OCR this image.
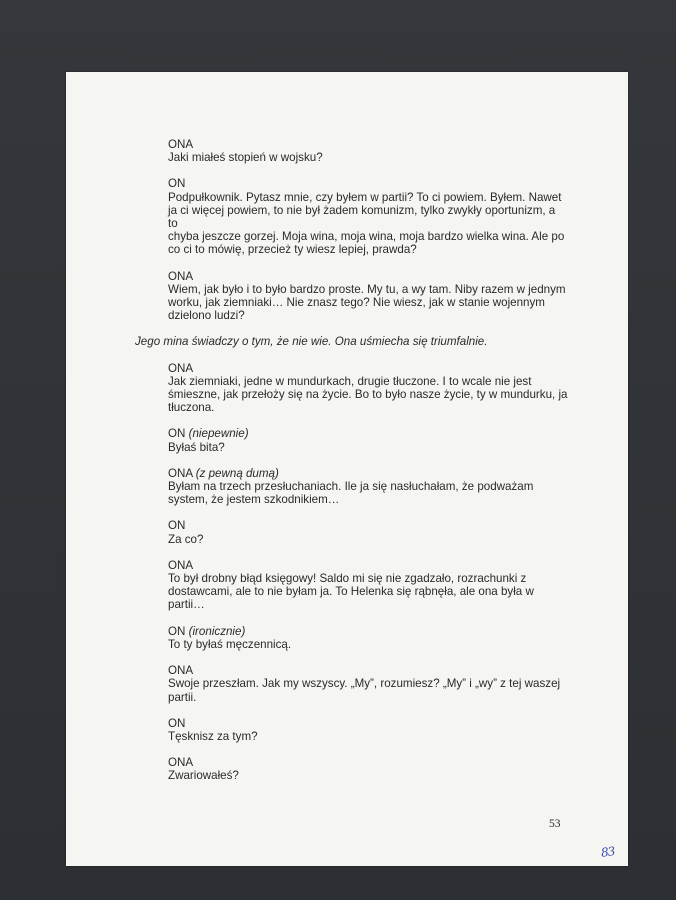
ONA
Jaki miałeś stopień w wojsku?
ON
Podpułkownik. Pytasz mnie, czy byłem w partii? To ci powiem. Byłem. Nawet
ja ci więcej powiem, to nie był żadem komunizm, tylko zwykły oportunizm, a to
chyba jeszcze gorzej. Moja wina, moja wina, moja bardzo wielka wina. Ale po
co ci to mówię, przecież ty wiesz lepiej, prawda?
ONA
Wiem, jak było i to było bardzo proste. My tu, a wy tam. Niby razem w jednym
worku, jak ziemniaki… Nie znasz tego? Nie wiesz, jak w stanie wojennym
dzielono ludzi?
Jego mina świadczy o tym, że nie wie. Ona uśmiecha się triumfalnie.
ONA
Jak ziemniaki, jedne w mundurkach, drugie tłuczone. I to wcale nie jest
śmieszne, jak przełoży się na życie. Bo to było nasze życie, ty w mundurku, ja
tłuczona.
ON (niepewnie)
Byłaś bita?
ONA (z pewną dumą)
Byłam na trzech przesłuchaniach. Ile ja się nasłuchałam, że podważam
system, że jestem szkodnikiem…
ON
Za co?
ONA
To był drobny błąd księgowy! Saldo mi się nie zgadzało, rozrachunki z
dostawcami, ale to nie byłam ja. To Helenka się rąbnęła, ale ona była w
partii…
ON (ironicznie)
To ty byłaś męczennicą.
ONA
Swoje przeszłam. Jak my wszyscy. „My”, rozumiesz? „My” i „wy” z tej waszej
partii.
ON
Tęsknisz za tym?
ONA
Zwariowałeś?
53
83
